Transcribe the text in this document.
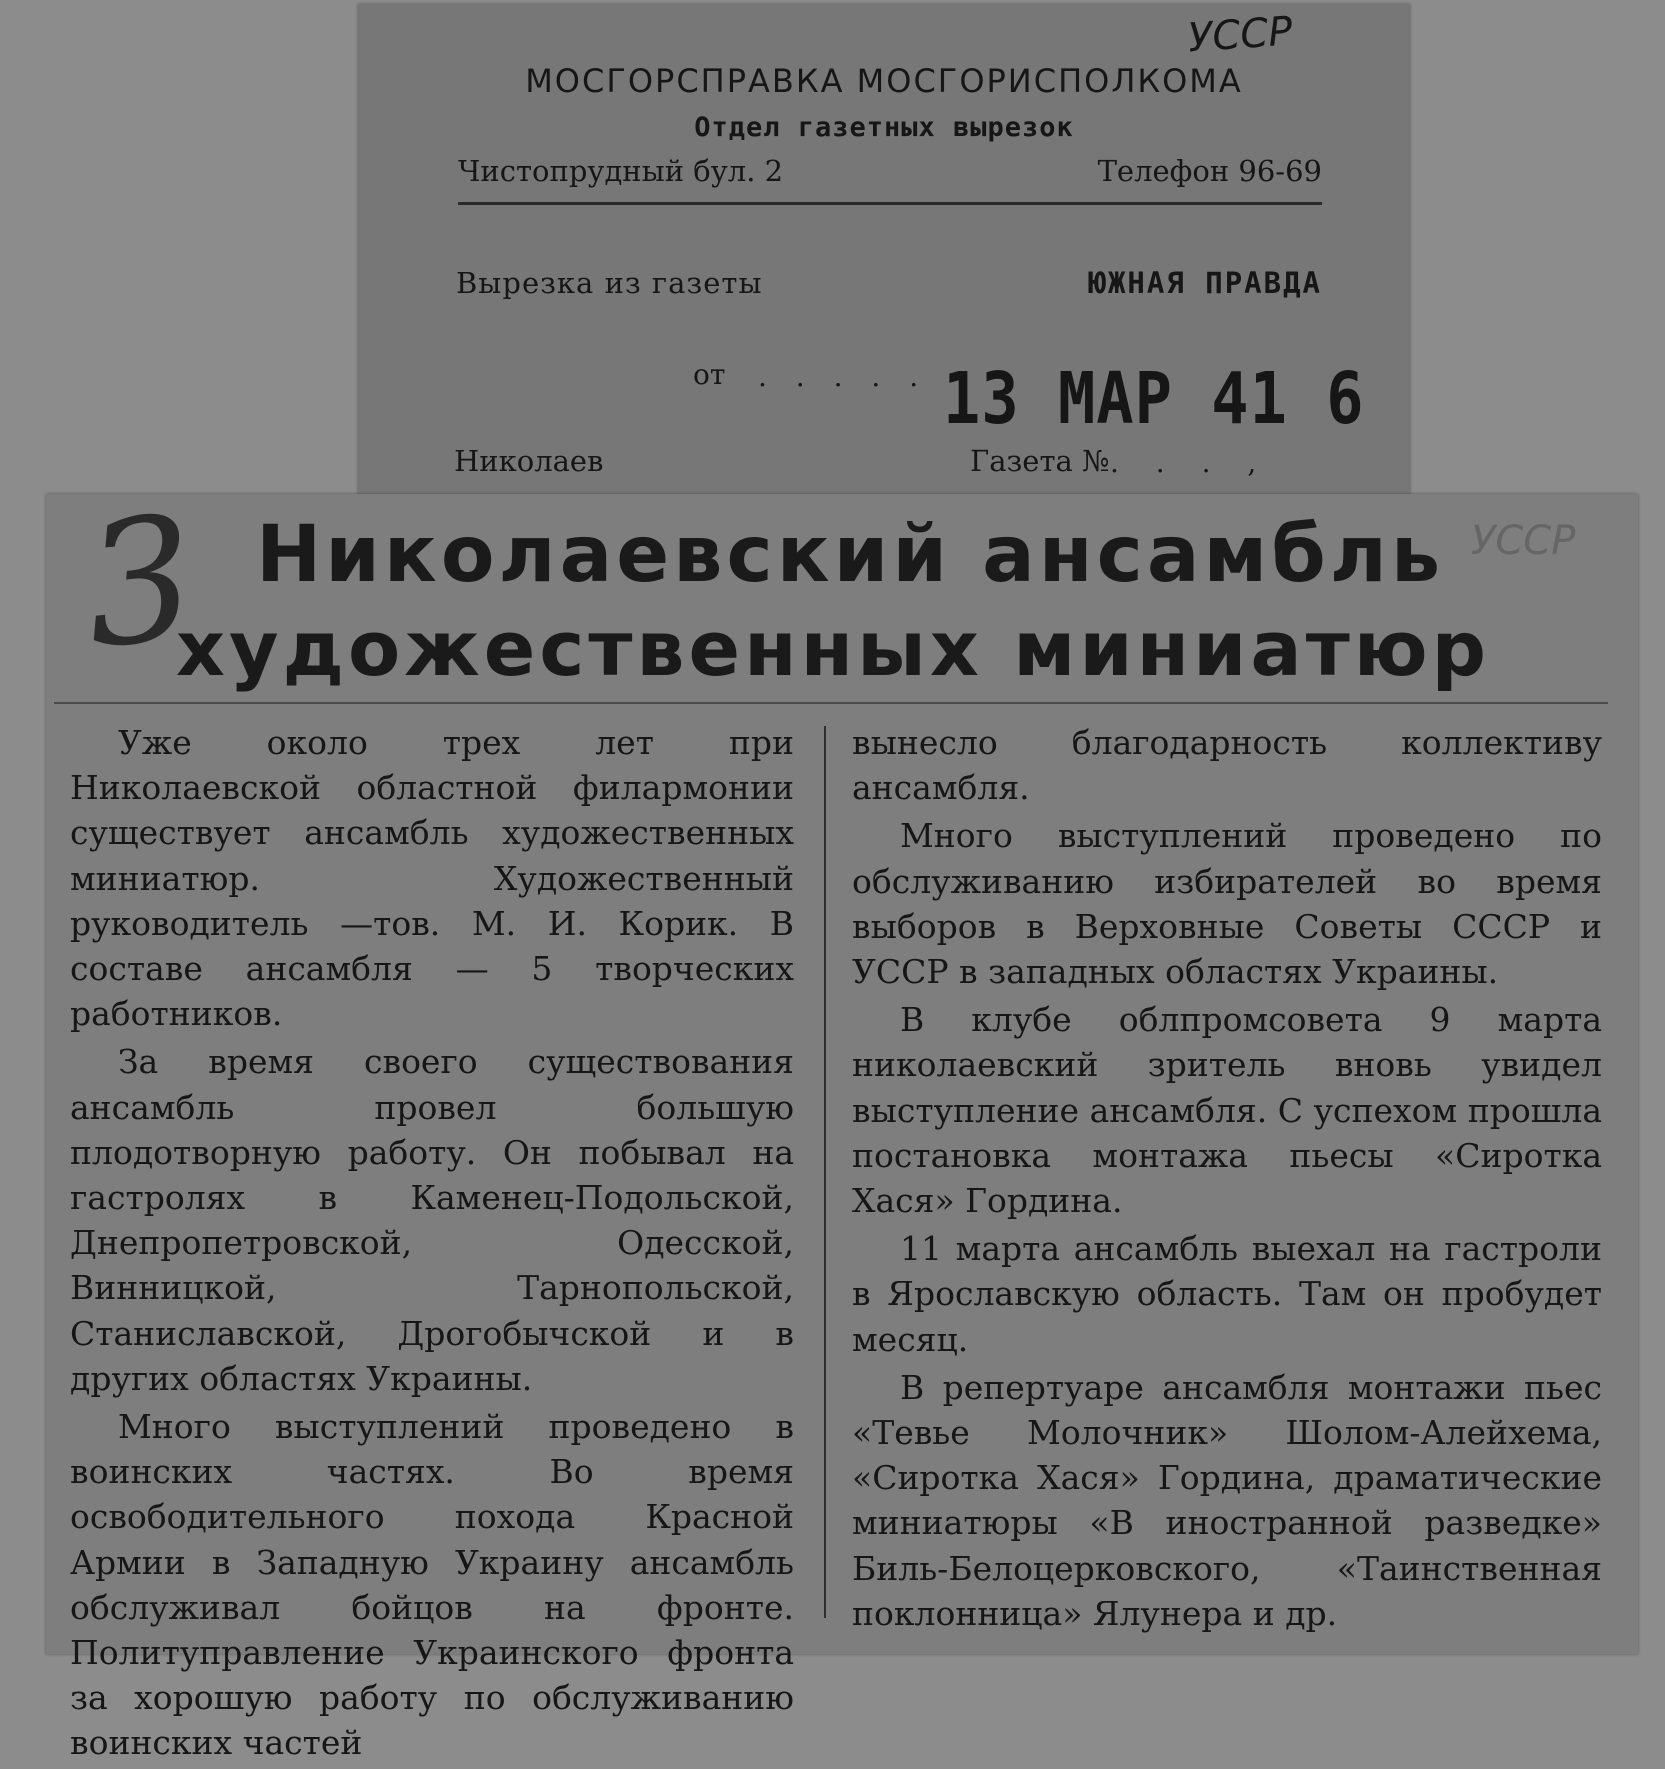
МОСГОРСПРАВКА МОСГОРИСПОЛКОМА
Отдел газетных вырезок
Чистопрудный бул. 2	Телефон 96-69
Вырезка из газеты	ЮЖНАЯ ПРАВДА
от . . . . . 13 МАР 41 6
Николаев	Газета № . . . ,
УССР
3 Николаевский ансамбль
художественных миниатюр
УССР

Уже около трех лет при Николаевской областной филармонии существует ансамбль художественных миниатюр. Художественный руководитель —тов. М. И. Корик. В составе ансамбля — 5 творческих работников.

За время своего существования ансамбль провел большую плодотворную работу. Он побывал на гастролях в Каменец-Подольской, Днепропетровской, Одесской, Винницкой, Тарнопольской, Станиславской, Дрогобычской и в других областях Украины.

Много выступлений проведено в воинских частях. Во время освободительного похода Красной Армии в Западную Украину ансамбль обслуживал бойцов на фронте. Политуправление Украинского фронта за хорошую работу по обслуживанию воинских частей

вынесло благодарность коллективу ансамбля.

Много выступлений проведено по обслуживанию избирателей во время выборов в Верховные Советы СССР и УССР в западных областях Украины.

В клубе облпромсовета 9 марта николаевский зритель вновь увидел выступление ансамбля. С успехом прошла постановка монтажа пьесы «Сиротка Хася» Гордина.

11 марта ансамбль выехал на гастроли в Ярославскую область. Там он пробудет месяц.

В репертуаре ансамбля монтажи пьес «Тевье Молочник» Шолом-Алейхема, «Сиротка Хася» Гордина, драматические миниатюры «В иностранной разведке» Биль-Белоцерковского, «Таинственная поклонница» Ялунера и др.
